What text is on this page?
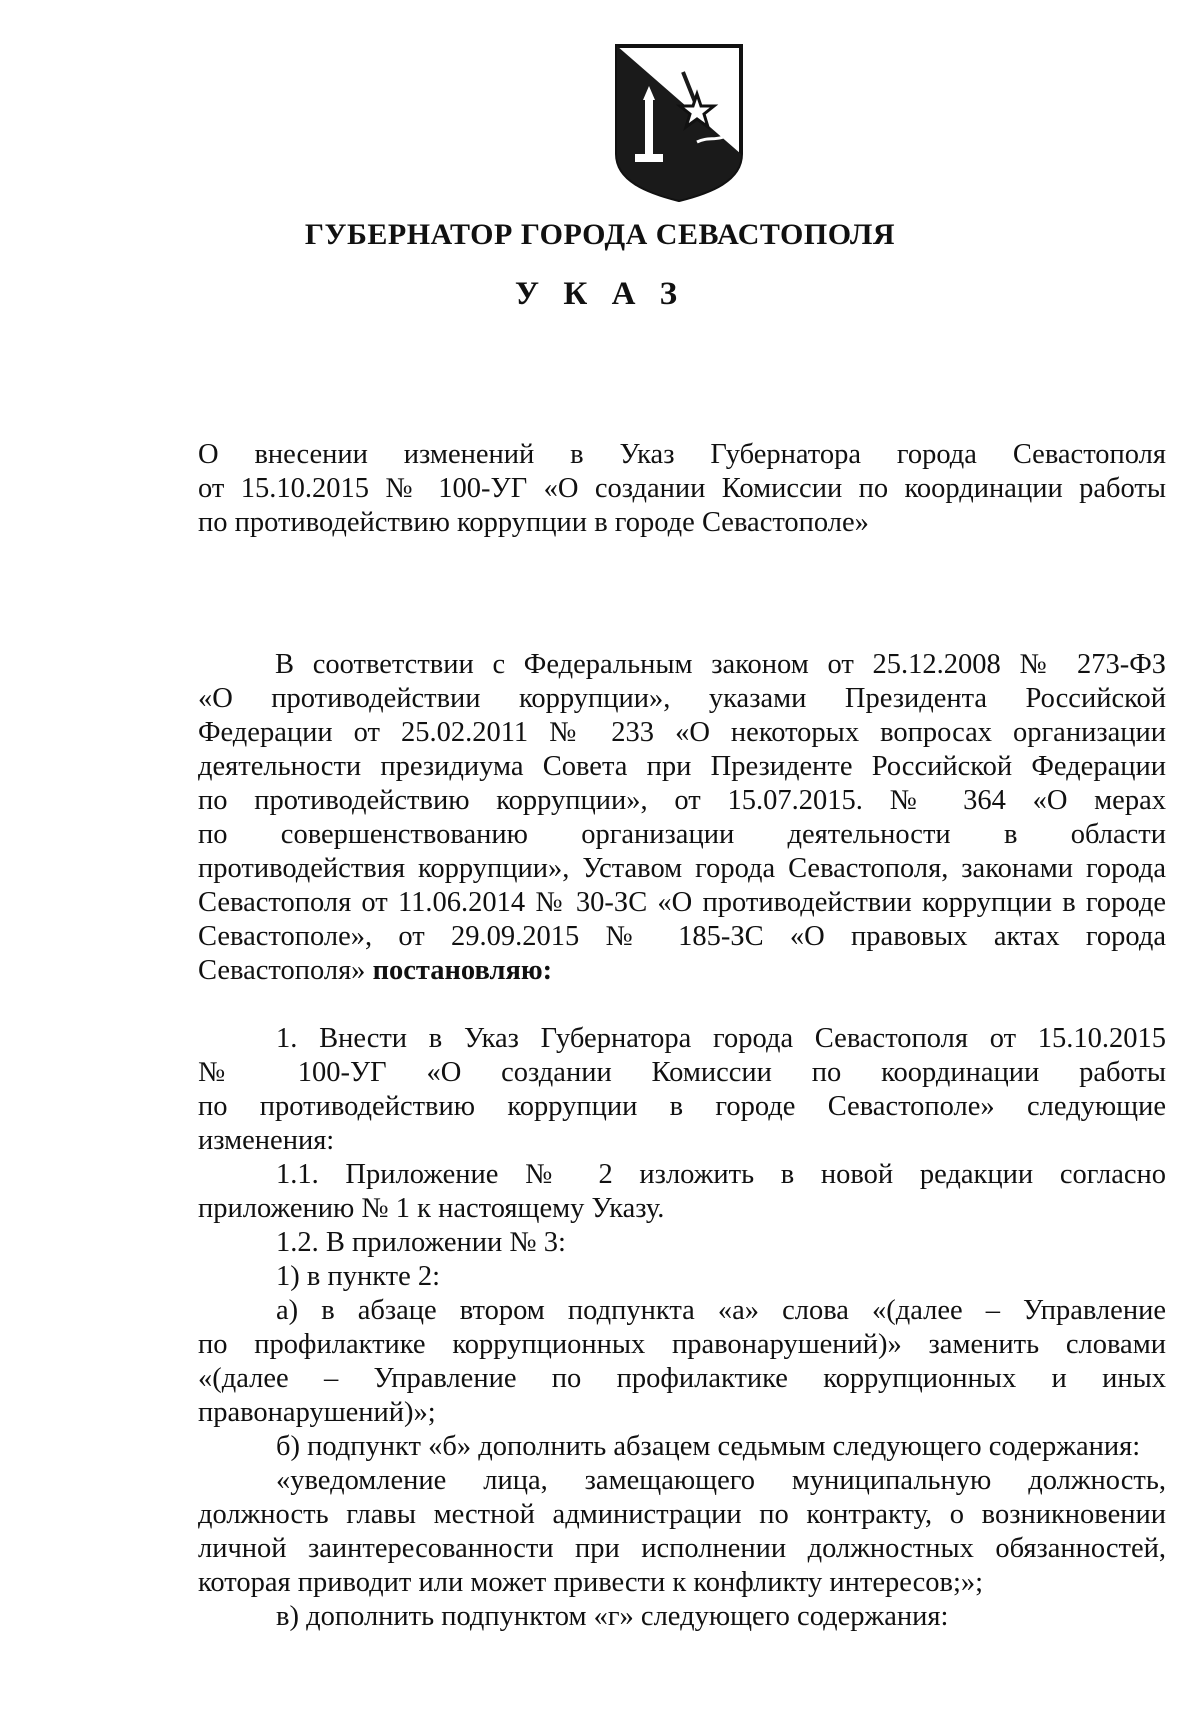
ГУБЕРНАТОР ГОРОДА СЕВАСТОПОЛЯ
У К А З

О внесении изменений в Указ Губернатора города Севастополя

от 15.10.2015 № 100-УГ «О создании Комиссии по координации работы

по противодействию коррупции в городе Севастополе»

В соответствии с Федеральным законом от 25.12.2008 № 273-ФЗ

«О противодействии коррупции», указами Президента Российской

Федерации от 25.02.2011 № 233 «О некоторых вопросах организации

деятельности президиума Совета при Президенте Российской Федерации

по противодействию коррупции», от 15.07.2015. № 364 «О мерах

по совершенствованию организации деятельности в области

противодействия коррупции», Уставом города Севастополя, законами города

Севастополя от 11.06.2014 № 30-ЗС «О противодействии коррупции в городе

Севастополе», от 29.09.2015 № 185-ЗС «О правовых актах города

Севастополя» постановляю:

1. Внести в Указ Губернатора города Севастополя от 15.10.2015

№ 100-УГ «О создании Комиссии по координации работы

по противодействию коррупции в городе Севастополе» следующие

изменения:

1.1. Приложение № 2 изложить в новой редакции согласно

приложению № 1 к настоящему Указу.

1.2. В приложении № 3:

1) в пункте 2:

а) в абзаце втором подпункта «а» слова «(далее – Управление

по профилактике коррупционных правонарушений)» заменить словами

«(далее – Управление по профилактике коррупционных и иных

правонарушений)»;

б) подпункт «б» дополнить абзацем седьмым следующего содержания:

«уведомление лица, замещающего муниципальную должность,

должность главы местной администрации по контракту, о возникновении

личной заинтересованности при исполнении должностных обязанностей,

которая приводит или может привести к конфликту интересов;»;

в) дополнить подпунктом «г» следующего содержания:
